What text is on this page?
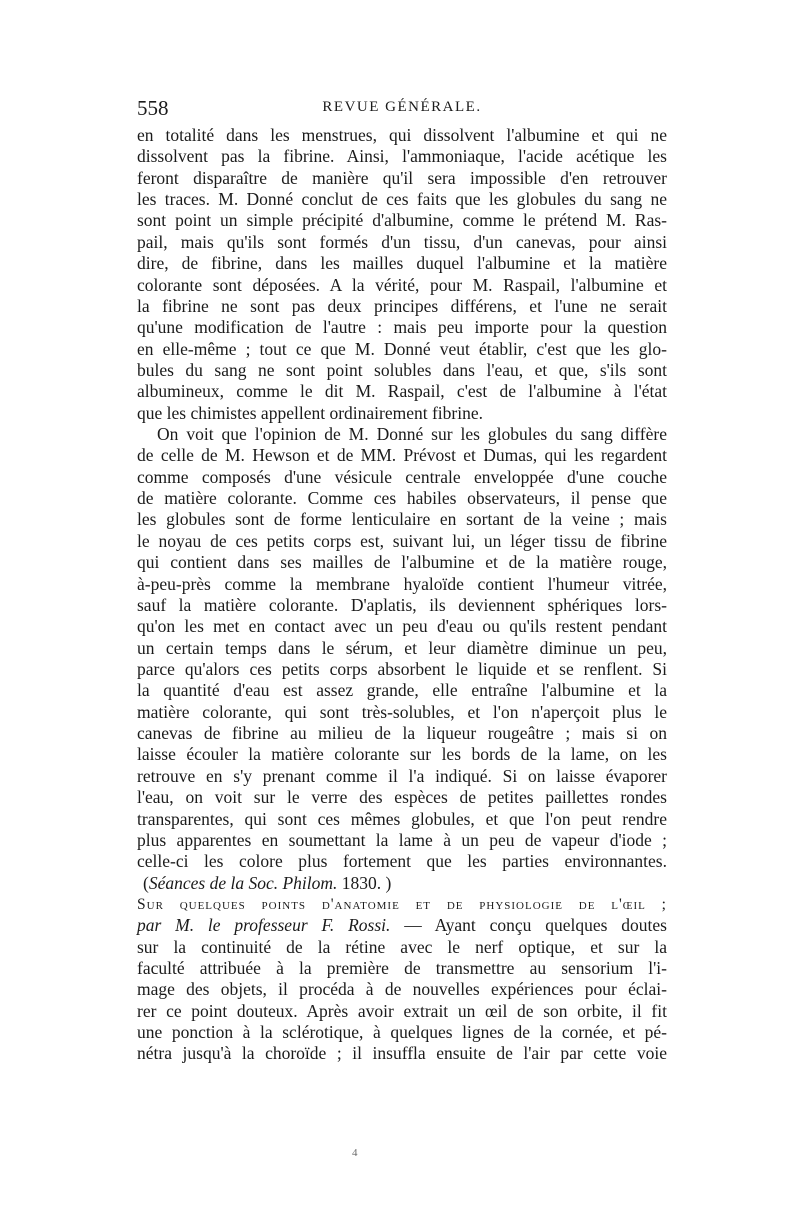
558	REVUE GÉNÉRALE.
en totalité dans les menstrues, qui dissolvent l'albumine et qui ne
dissolvent pas la fibrine. Ainsi, l'ammoniaque, l'acide acétique les
feront disparaître de manière qu'il sera impossible d'en retrouver
les traces. M. Donné conclut de ces faits que les globules du sang ne
sont point un simple précipité d'albumine, comme le prétend M. Ras-
pail, mais qu'ils sont formés d'un tissu, d'un canevas, pour ainsi
dire, de fibrine, dans les mailles duquel l'albumine et la matière
colorante sont déposées. A la vérité, pour M. Raspail, l'albumine et
la fibrine ne sont pas deux principes différens, et l'une ne serait
qu'une modification de l'autre : mais peu importe pour la question
en elle-même ; tout ce que M. Donné veut établir, c'est que les glo-
bules du sang ne sont point solubles dans l'eau, et que, s'ils sont
albumineux, comme le dit M. Raspail, c'est de l'albumine à l'état
que les chimistes appellent ordinairement fibrine.
On voit que l'opinion de M. Donné sur les globules du sang diffère
de celle de M. Hewson et de MM. Prévost et Dumas, qui les regardent
comme composés d'une vésicule centrale enveloppée d'une couche
de matière colorante. Comme ces habiles observateurs, il pense que
les globules sont de forme lenticulaire en sortant de la veine ; mais
le noyau de ces petits corps est, suivant lui, un léger tissu de fibrine
qui contient dans ses mailles de l'albumine et de la matière rouge,
à-peu-près comme la membrane hyaloïde contient l'humeur vitrée,
sauf la matière colorante. D'aplatis, ils deviennent sphériques lors-
qu'on les met en contact avec un peu d'eau ou qu'ils restent pendant
un certain temps dans le sérum, et leur diamètre diminue un peu,
parce qu'alors ces petits corps absorbent le liquide et se renflent. Si
la quantité d'eau est assez grande, elle entraîne l'albumine et la
matière colorante, qui sont très-solubles, et l'on n'aperçoit plus le
canevas de fibrine au milieu de la liqueur rougeâtre ; mais si on
laisse écouler la matière colorante sur les bords de la lame, on les
retrouve en s'y prenant comme il l'a indiqué. Si on laisse évaporer
l'eau, on voit sur le verre des espèces de petites paillettes rondes
transparentes, qui sont ces mêmes globules, et que l'on peut rendre
plus apparentes en soumettant la lame à un peu de vapeur d'iode ;
celle-ci les colore plus fortement que les parties environnantes.
(Séances de la Soc. Philom. 1830. )
Sur quelques points d'anatomie et de physiologie de l'œil ;
par M. le professeur F. Rossi. — Ayant conçu quelques doutes
sur la continuité de la rétine avec le nerf optique, et sur la
faculté attribuée à la première de transmettre au sensorium l'i-
mage des objets, il procéda à de nouvelles expériences pour éclai-
rer ce point douteux. Après avoir extrait un œil de son orbite, il fit
une ponction à la sclérotique, à quelques lignes de la cornée, et pé-
nétra jusqu'à la choroïde ; il insuffla ensuite de l'air par cette voie
4
